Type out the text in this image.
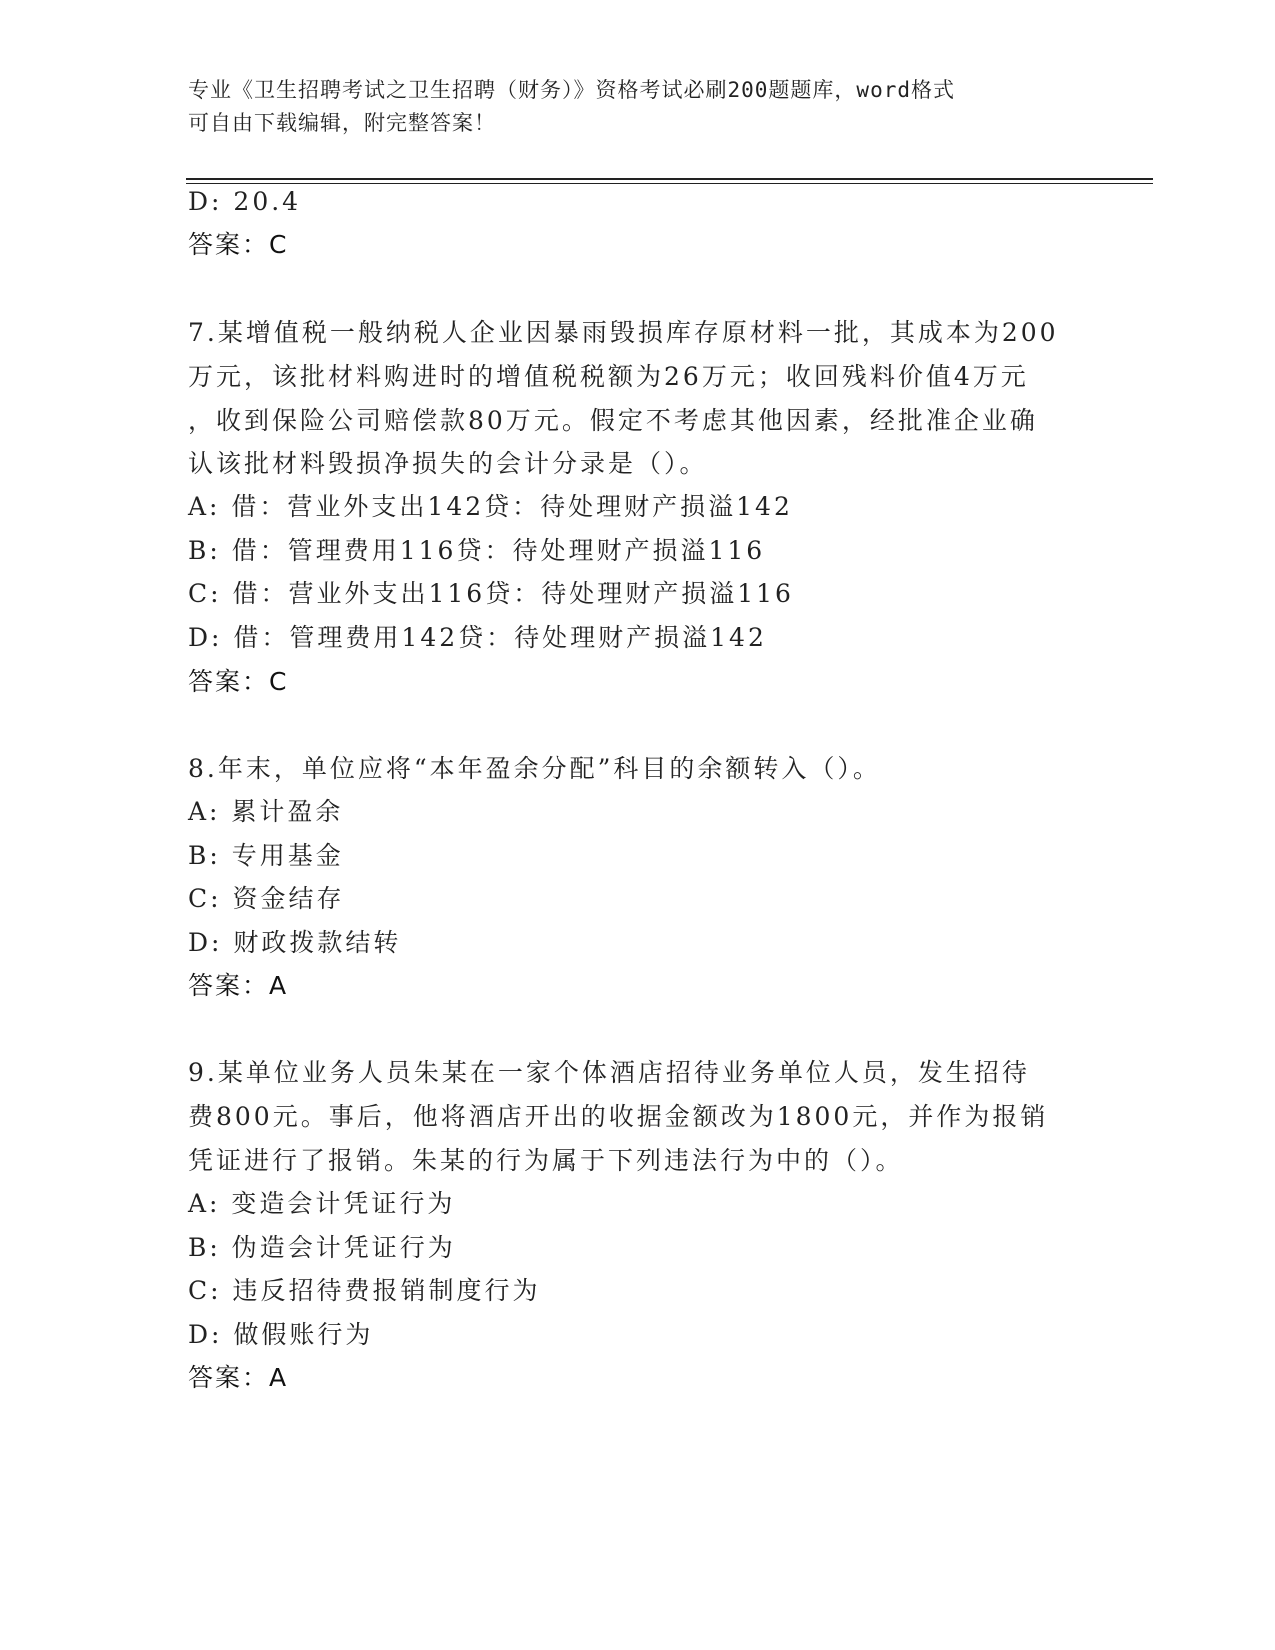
专业《卫生招聘考试之卫生招聘（财务）》资格考试必刷200题题库，word格式
可自由下载编辑，附完整答案！
D: 20.4
答案：C
7.某增值税一般纳税人企业因暴雨毁损库存原材料一批，其成本为200
万元，该批材料购进时的增值税税额为26万元；收回残料价值4万元
，收到保险公司赔偿款80万元。假定不考虑其他因素，经批准企业确
认该批材料毁损净损失的会计分录是（）。
A: 借：营业外支出142贷：待处理财产损溢142
B: 借：管理费用116贷：待处理财产损溢116
C: 借：营业外支出116贷：待处理财产损溢116
D: 借：管理费用142贷：待处理财产损溢142
答案：C
8.年末，单位应将“本年盈余分配”科目的余额转入（）。
A: 累计盈余
B: 专用基金
C: 资金结存
D: 财政拨款结转
答案：A
9.某单位业务人员朱某在一家个体酒店招待业务单位人员，发生招待
费800元。事后，他将酒店开出的收据金额改为1800元，并作为报销
凭证进行了报销。朱某的行为属于下列违法行为中的（）。
A: 变造会计凭证行为
B: 伪造会计凭证行为
C: 违反招待费报销制度行为
D: 做假账行为
答案：A
